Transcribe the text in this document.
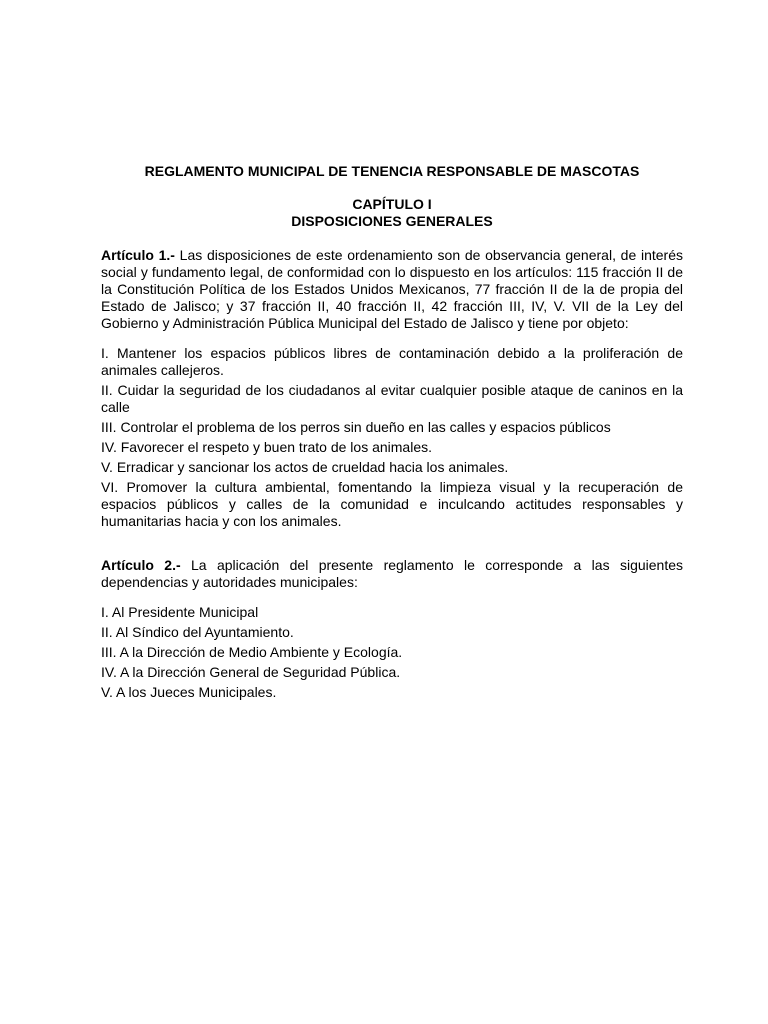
REGLAMENTO MUNICIPAL DE TENENCIA RESPONSABLE DE MASCOTAS
CAPÍTULO I
DISPOSICIONES GENERALES

Artículo 1.- Las disposiciones de este ordenamiento son de observancia general, de interés social y fundamento legal, de conformidad con lo dispuesto en los artículos: 115 fracción II de la Constitución Política de los Estados Unidos Mexicanos, 77 fracción II de la de propia del Estado de Jalisco; y 37 fracción II, 40 fracción II, 42 fracción III, IV, V. VII de la Ley del Gobierno y Administración Pública Municipal del Estado de Jalisco y tiene por objeto:

I. Mantener los espacios públicos libres de contaminación debido a la proliferación de animales callejeros.
II. Cuidar la seguridad de los ciudadanos al evitar cualquier posible ataque de caninos en la calle
III. Controlar el problema de los perros sin dueño en las calles y espacios públicos
IV. Favorecer el respeto y buen trato de los animales.
V. Erradicar y sancionar los actos de crueldad hacia los animales.
VI. Promover la cultura ambiental, fomentando la limpieza visual y la recuperación de espacios públicos y calles de la comunidad e inculcando actitudes responsables y humanitarias hacia y con los animales.

Artículo 2.- La aplicación del presente reglamento le corresponde a las siguientes dependencias y autoridades municipales:

I. Al Presidente Municipal
II. Al Síndico del Ayuntamiento.
III. A la Dirección de Medio Ambiente y Ecología.
IV. A la Dirección General de Seguridad Pública.
V. A los Jueces Municipales.
